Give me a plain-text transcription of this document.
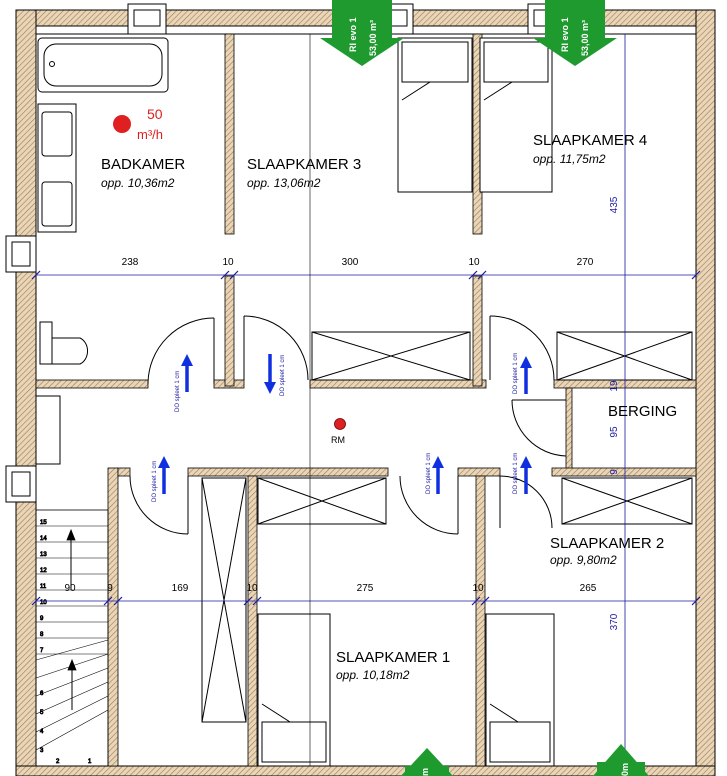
15
14
13
12
11
10
9
8
7
6
5
4
3
2	1
238	10	300	10	270
90	9	169	10	275	10	265
435
19
95
9
370
BADKAMER
opp. 10,36m2
SLAAPKAMER 3
opp. 13,06m2
SLAAPKAMER 4
opp. 11,75m2
BERGING
SLAAPKAMER 2
opp. 9,80m2
SLAAPKAMER 1
opp. 10,18m2
50
m³/h
RM
RI evo 1 53,00 m³	RI evo 1 53,00 m³
m	0m
DO spleet 1 cm	DO spleet 1 cm	DO spleet 1 cm
DO spleet 1 cm	DO spleet 1 cm	DO spleet 1 cm
